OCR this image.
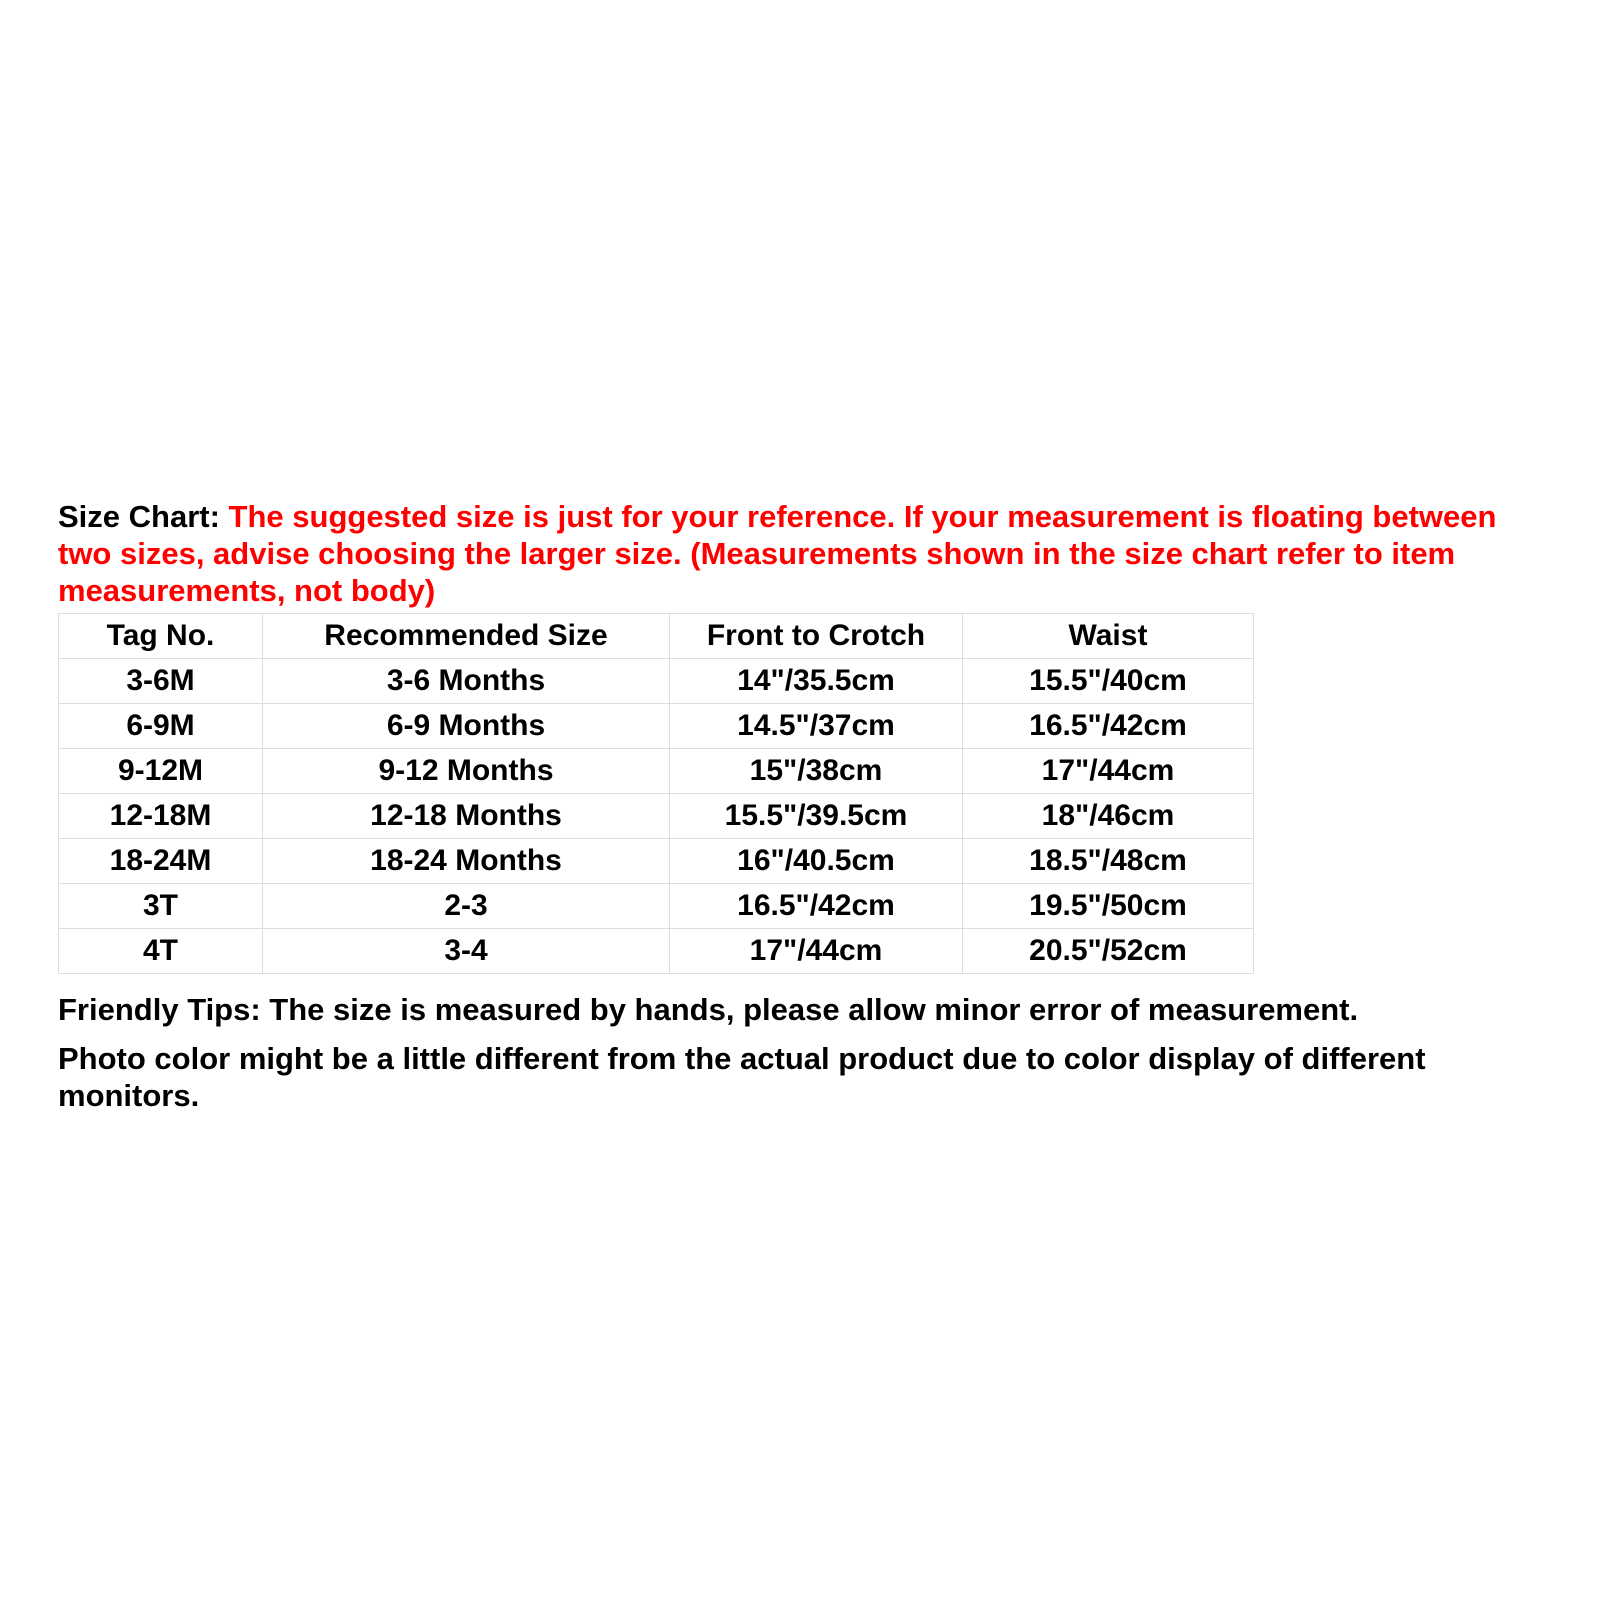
Size Chart: The suggested size is just for your reference. If your measurement is floating between two sizes, advise choosing the larger size. (Measurements shown in the size chart refer to item measurements, not body)
Tag No.	Recommended Size	Front to Crotch	Waist
3-6M	3-6 Months	14"/35.5cm	15.5"/40cm
6-9M	6-9 Months	14.5"/37cm	16.5"/42cm
9-12M	9-12 Months	15"/38cm	17"/44cm
12-18M	12-18 Months	15.5"/39.5cm	18"/46cm
18-24M	18-24 Months	16"/40.5cm	18.5"/48cm
3T	2-3	16.5"/42cm	19.5"/50cm
4T	3-4	17"/44cm	20.5"/52cm
Friendly Tips: The size is measured by hands, please allow minor error of measurement.
Photo color might be a little different from the actual product due to color display of different monitors.
